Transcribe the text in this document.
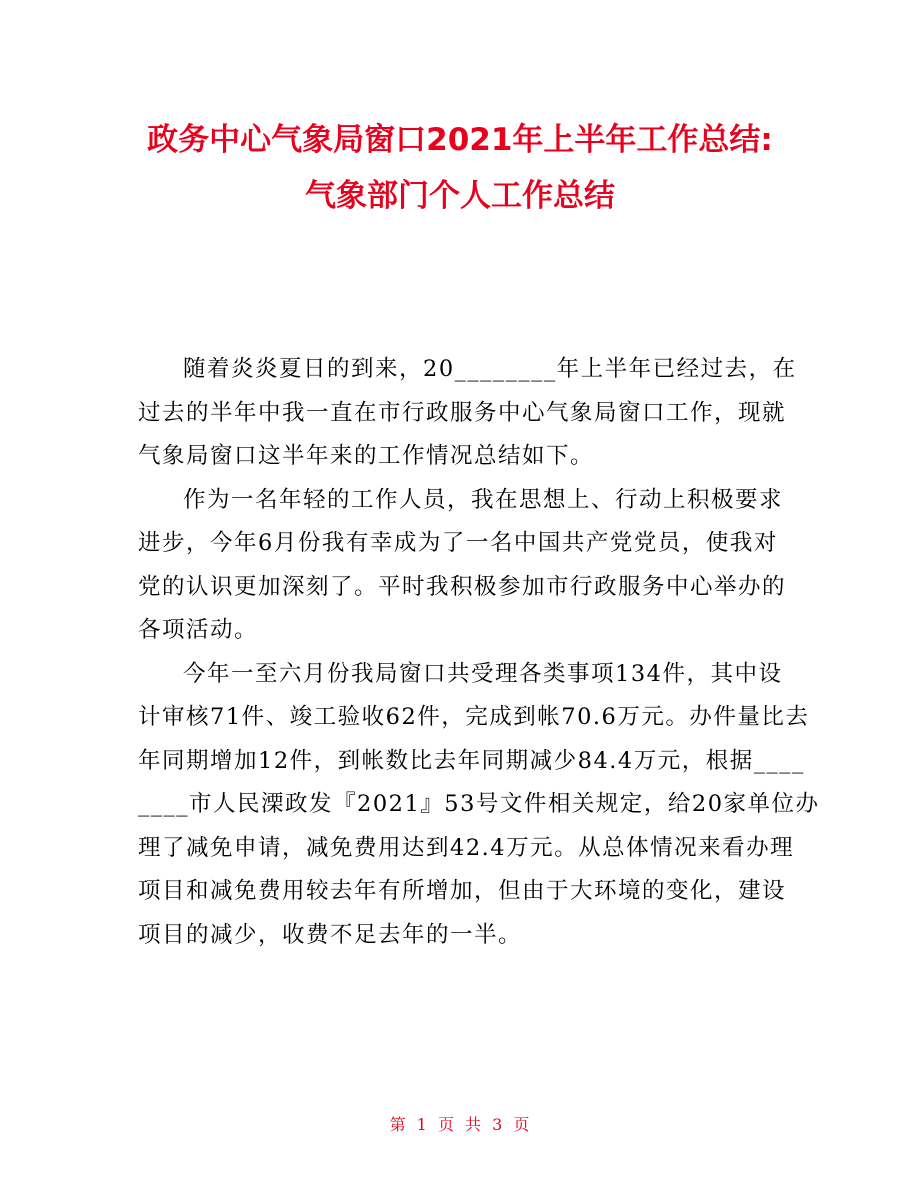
政务中心气象局窗口2021年上半年工作总结:
气象部门个人工作总结
随着炎炎夏日的到来，20________年上半年已经过去，在
过去的半年中我一直在市行政服务中心气象局窗口工作，现就
气象局窗口这半年来的工作情况总结如下。
作为一名年轻的工作人员，我在思想上、行动上积极要求
进步，今年6月份我有幸成为了一名中国共产党党员，使我对
党的认识更加深刻了。平时我积极参加市行政服务中心举办的
各项活动。
今年一至六月份我局窗口共受理各类事项134件，其中设
计审核71件、竣工验收62件，完成到帐70.6万元。办件量比去
年同期增加12件，到帐数比去年同期减少84.4万元，根据____
____市人民溧政发『2021』53号文件相关规定，给20家单位办
理了减免申请，减免费用达到42.4万元。从总体情况来看办理
项目和减免费用较去年有所增加，但由于大环境的变化，建设
项目的减少，收费不足去年的一半。
第 1 页 共 3 页
